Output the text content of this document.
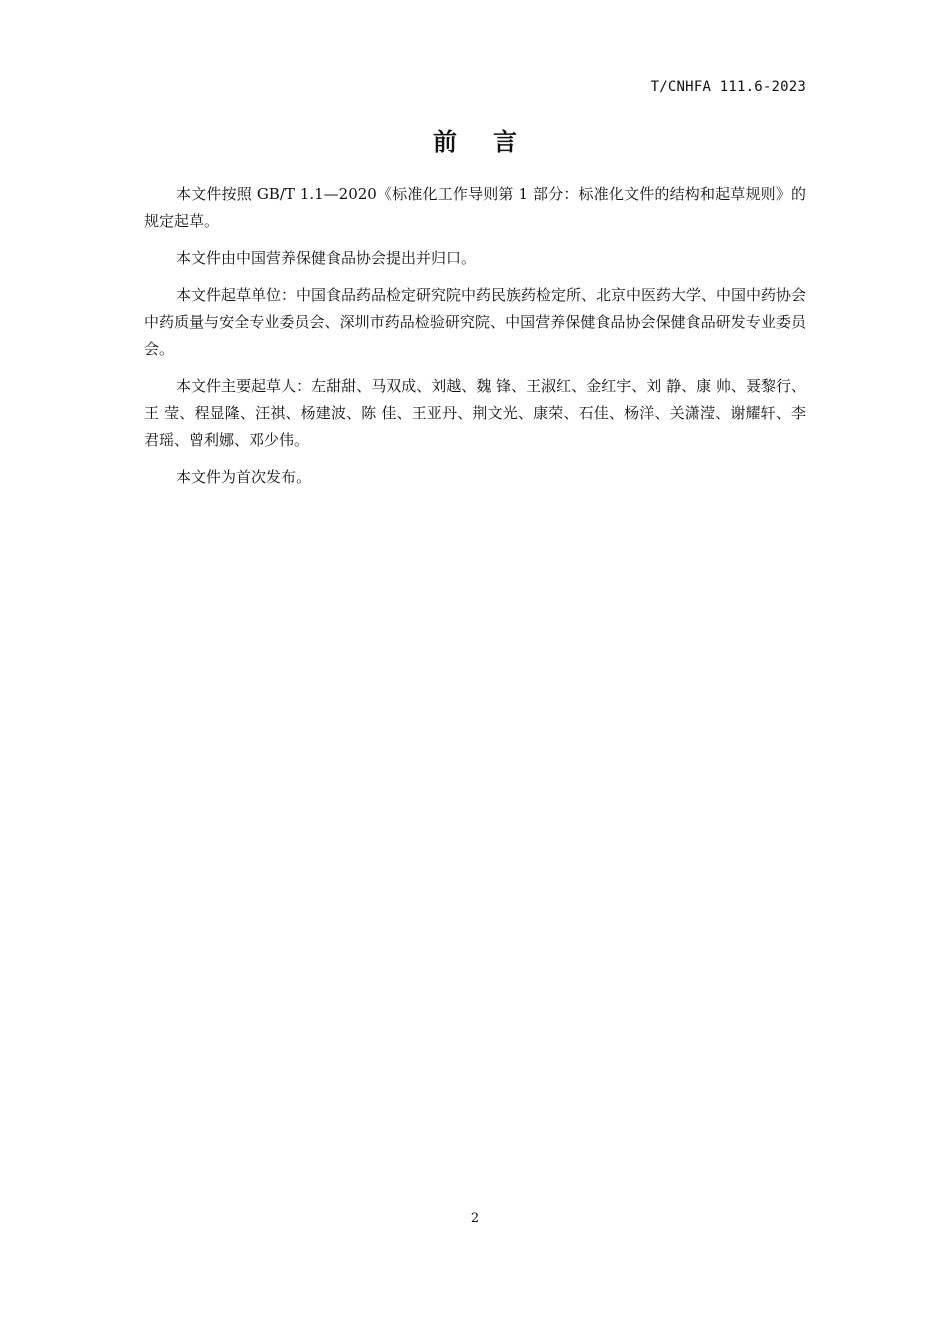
T/CNHFA 111.6-2023
前言

本文件按照 GB/T 1.1—2020《标准化工作导则第 1 部分：标准化文件的结构和起草规则》的规定起草。

本文件由中国营养保健食品协会提出并归口。

本文件起草单位：中国食品药品检定研究院中药民族药检定所、北京中医药大学、中国中药协会中药质量与安全专业委员会、深圳市药品检验研究院、中国营养保健食品协会保健食品研发专业委员会。

本文件主要起草人：左甜甜、马双成、刘越、魏 锋、王淑红、金红宇、刘 静、康 帅、聂黎行、王 莹、程显隆、汪祺、杨建波、陈 佳、王亚丹、荆文光、康荣、石佳、杨洋、关潇滢、谢耀轩、李君瑶、曾利娜、邓少伟。

本文件为首次发布。

2
